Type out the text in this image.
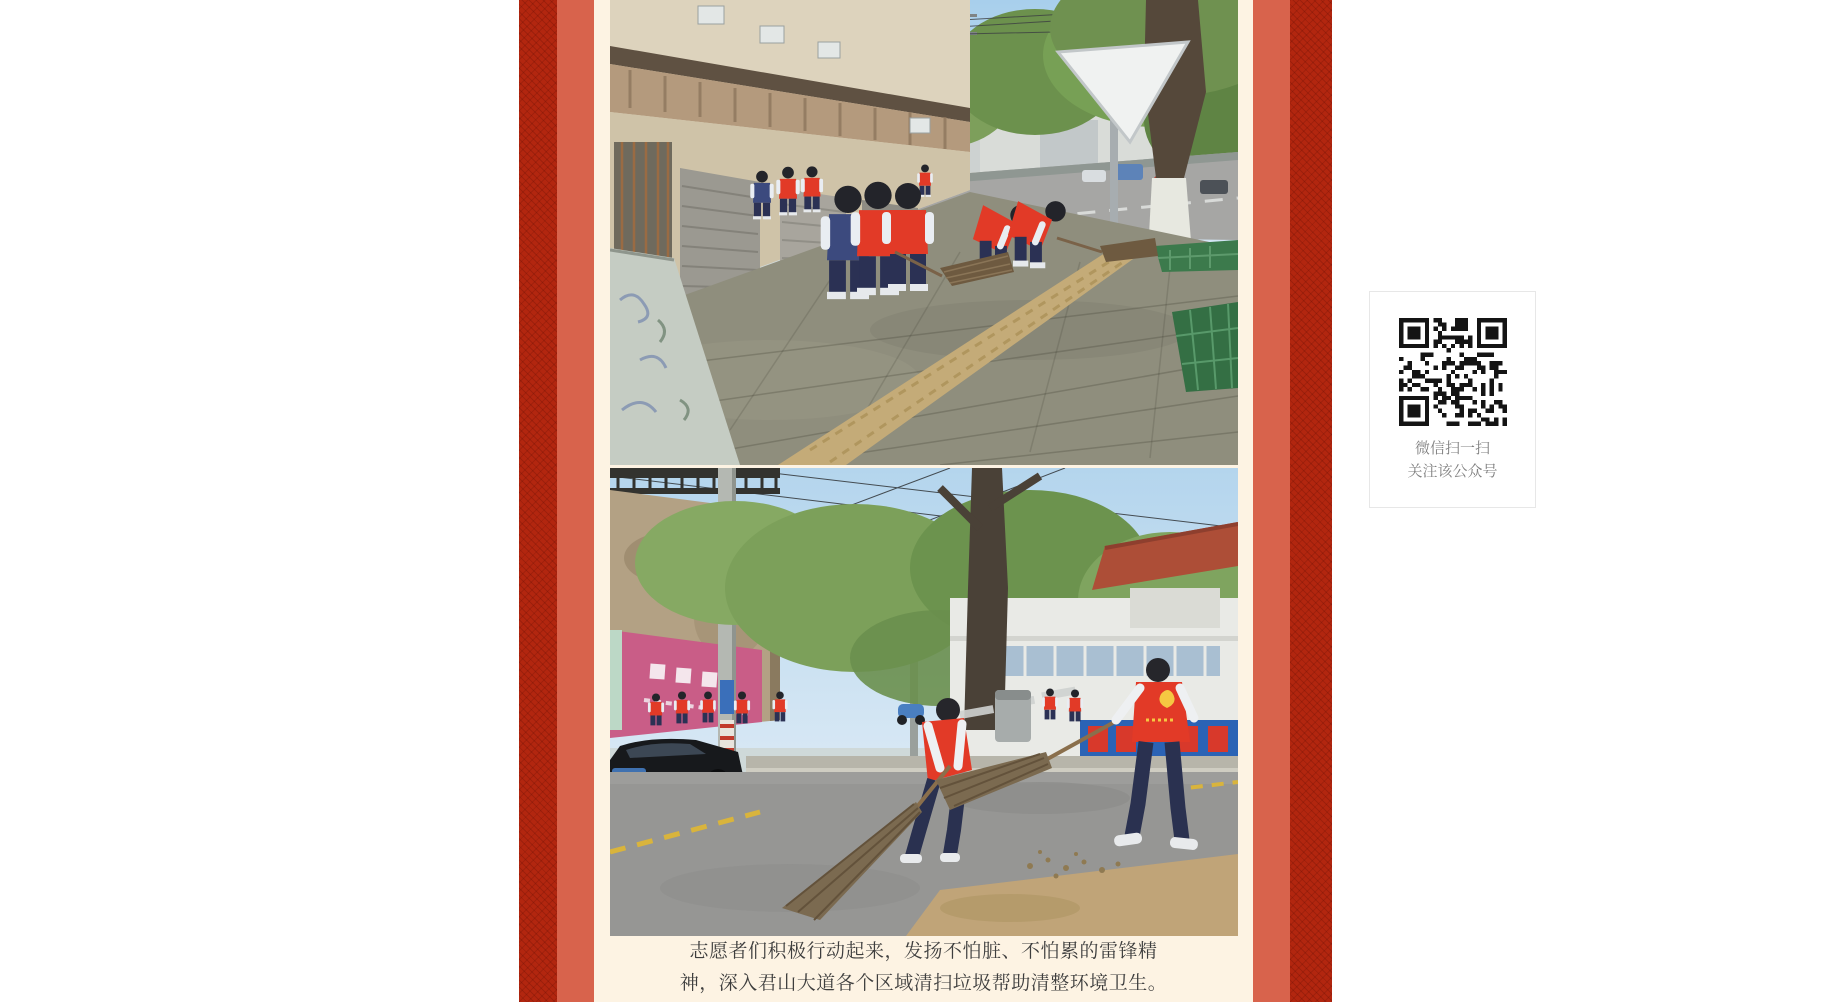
志愿者们积极行动起来，发扬不怕脏、不怕累的雷锋精
神，深入君山大道各个区域清扫垃圾帮助清整环境卫生。

微信扫一扫
关注该公众号
